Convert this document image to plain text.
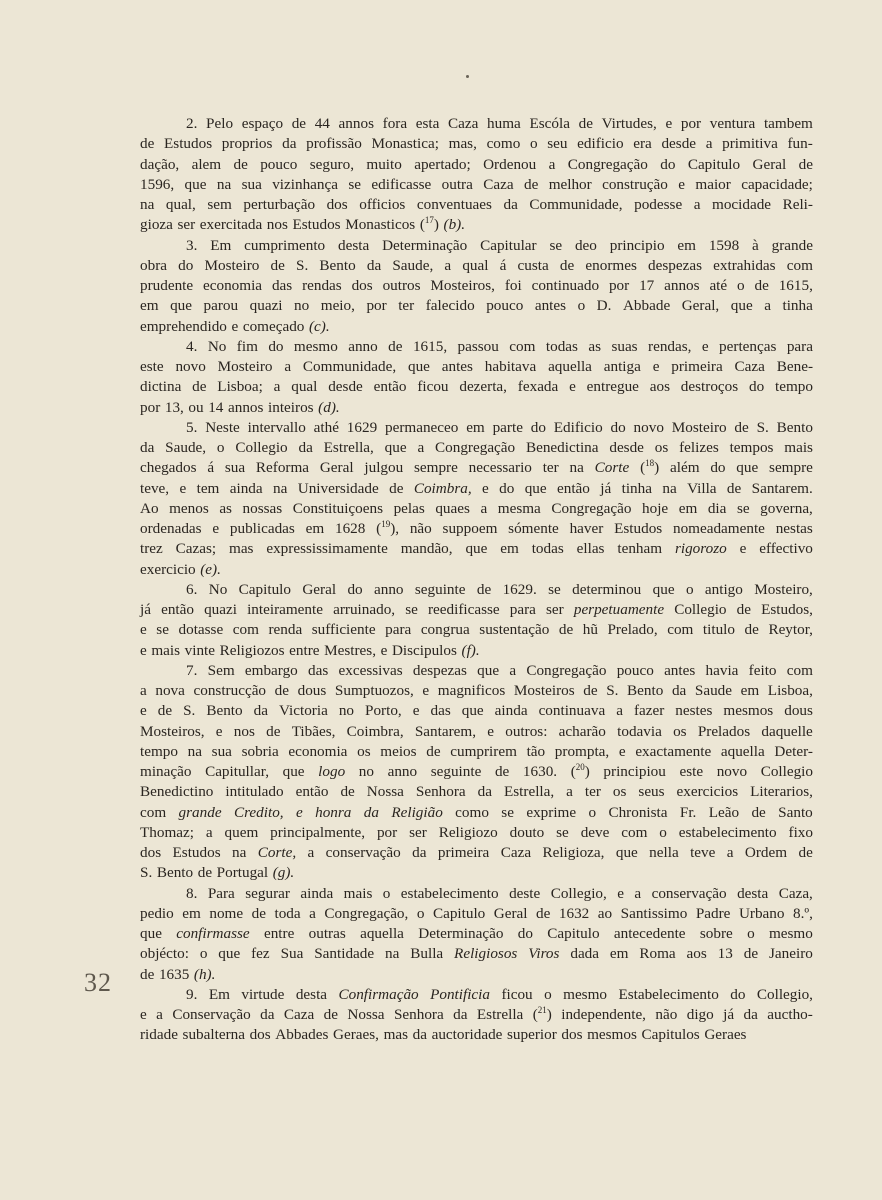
2. Pelo espaço de 44 annos fora esta Caza huma Escóla de Virtudes, e por ventura tambem
de Estudos proprios da profissão Monastica; mas, como o seu edificio era desde a primitiva fun-
dação, alem de pouco seguro, muito apertado; Ordenou a Congregação do Capitulo Geral de
1596, que na sua vizinhança se edificasse outra Caza de melhor construção e maior capacidade;
na qual, sem perturbação dos officios conventuaes da Communidade, podesse a mocidade Reli-
gioza ser exercitada nos Estudos Monasticos ($^{17}$) (b).
3. Em cumprimento desta Determinação Capitular se deo principio em 1598 à grande
obra do Mosteiro de S. Bento da Saude, a qual á custa de enormes despezas extrahidas com
prudente economia das rendas dos outros Mosteiros, foi continuado por 17 annos até o de 1615,
em que parou quazi no meio, por ter falecido pouco antes o D. Abbade Geral, que a tinha
emprehendido e começado (c).
4. No fim do mesmo anno de 1615, passou com todas as suas rendas, e pertenças para
este novo Mosteiro a Communidade, que antes habitava aquella antiga e primeira Caza Bene-
dictina de Lisboa; a qual desde então ficou dezerta, fexada e entregue aos destroços do tempo
por 13, ou 14 annos inteiros (d).
5. Neste intervallo athé 1629 permaneceo em parte do Edificio do novo Mosteiro de S. Bento
da Saude, o Collegio da Estrella, que a Congregação Benedictina desde os felizes tempos mais
chegados á sua Reforma Geral julgou sempre necessario ter na Corte ($^{18}$) além do que sempre
teve, e tem ainda na Universidade de Coimbra, e do que então já tinha na Villa de Santarem.
Ao menos as nossas Constituiçoens pelas quaes a mesma Congregação hoje em dia se governa,
ordenadas e publicadas em 1628 ($^{19}$), não suppoem sómente haver Estudos nomeadamente nestas
trez Cazas; mas expressissimamente mandão, que em todas ellas tenham rigorozo e effectivo
exercicio (e).
6. No Capitulo Geral do anno seguinte de 1629. se determinou que o antigo Mosteiro,
já então quazi inteiramente arruinado, se reedificasse para ser perpetuamente Collegio de Estudos,
e se dotasse com renda sufficiente para congrua sustentação de hũ Prelado, com titulo de Reytor,
e mais vinte Religiozos entre Mestres, e Discipulos (f).
7. Sem embargo das excessivas despezas que a Congregação pouco antes havia feito com
a nova construcção de dous Sumptuozos, e magnificos Mosteiros de S. Bento da Saude em Lisboa,
e de S. Bento da Victoria no Porto, e das que ainda continuava a fazer nestes mesmos dous
Mosteiros, e nos de Tibães, Coimbra, Santarem, e outros: acharão todavia os Prelados daquelle
tempo na sua sobria economia os meios de cumprirem tão prompta, e exactamente aquella Deter-
minação Capitullar, que logo no anno seguinte de 1630. ($^{20}$) principiou este novo Collegio
Benedictino intitulado então de Nossa Senhora da Estrella, a ter os seus exercicios Literarios,
com grande Credito, e honra da Religião como se exprime o Chronista Fr. Leão de Santo
Thomaz; a quem principalmente, por ser Religiozo douto se deve com o estabelecimento fixo
dos Estudos na Corte, a conservação da primeira Caza Religioza, que nella teve a Ordem de
S. Bento de Portugal (g).
8. Para segurar ainda mais o estabelecimento deste Collegio, e a conservação desta Caza,
pedio em nome de toda a Congregação, o Capitulo Geral de 1632 ao Santissimo Padre Urbano 8.º,
que confirmasse entre outras aquella Determinação do Capitulo antecedente sobre o mesmo
objécto: o que fez Sua Santidade na Bulla Religiosos Viros dada em Roma aos 13 de Janeiro
de 1635 (h).
9. Em virtude desta Confirmação Pontificia ficou o mesmo Estabelecimento do Collegio,
e a Conservação da Caza de Nossa Senhora da Estrella ($^{21}$) independente, não digo já da auctho-
ridade subalterna dos Abbades Geraes, mas da auctoridade superior dos mesmos Capitulos Geraes
32
